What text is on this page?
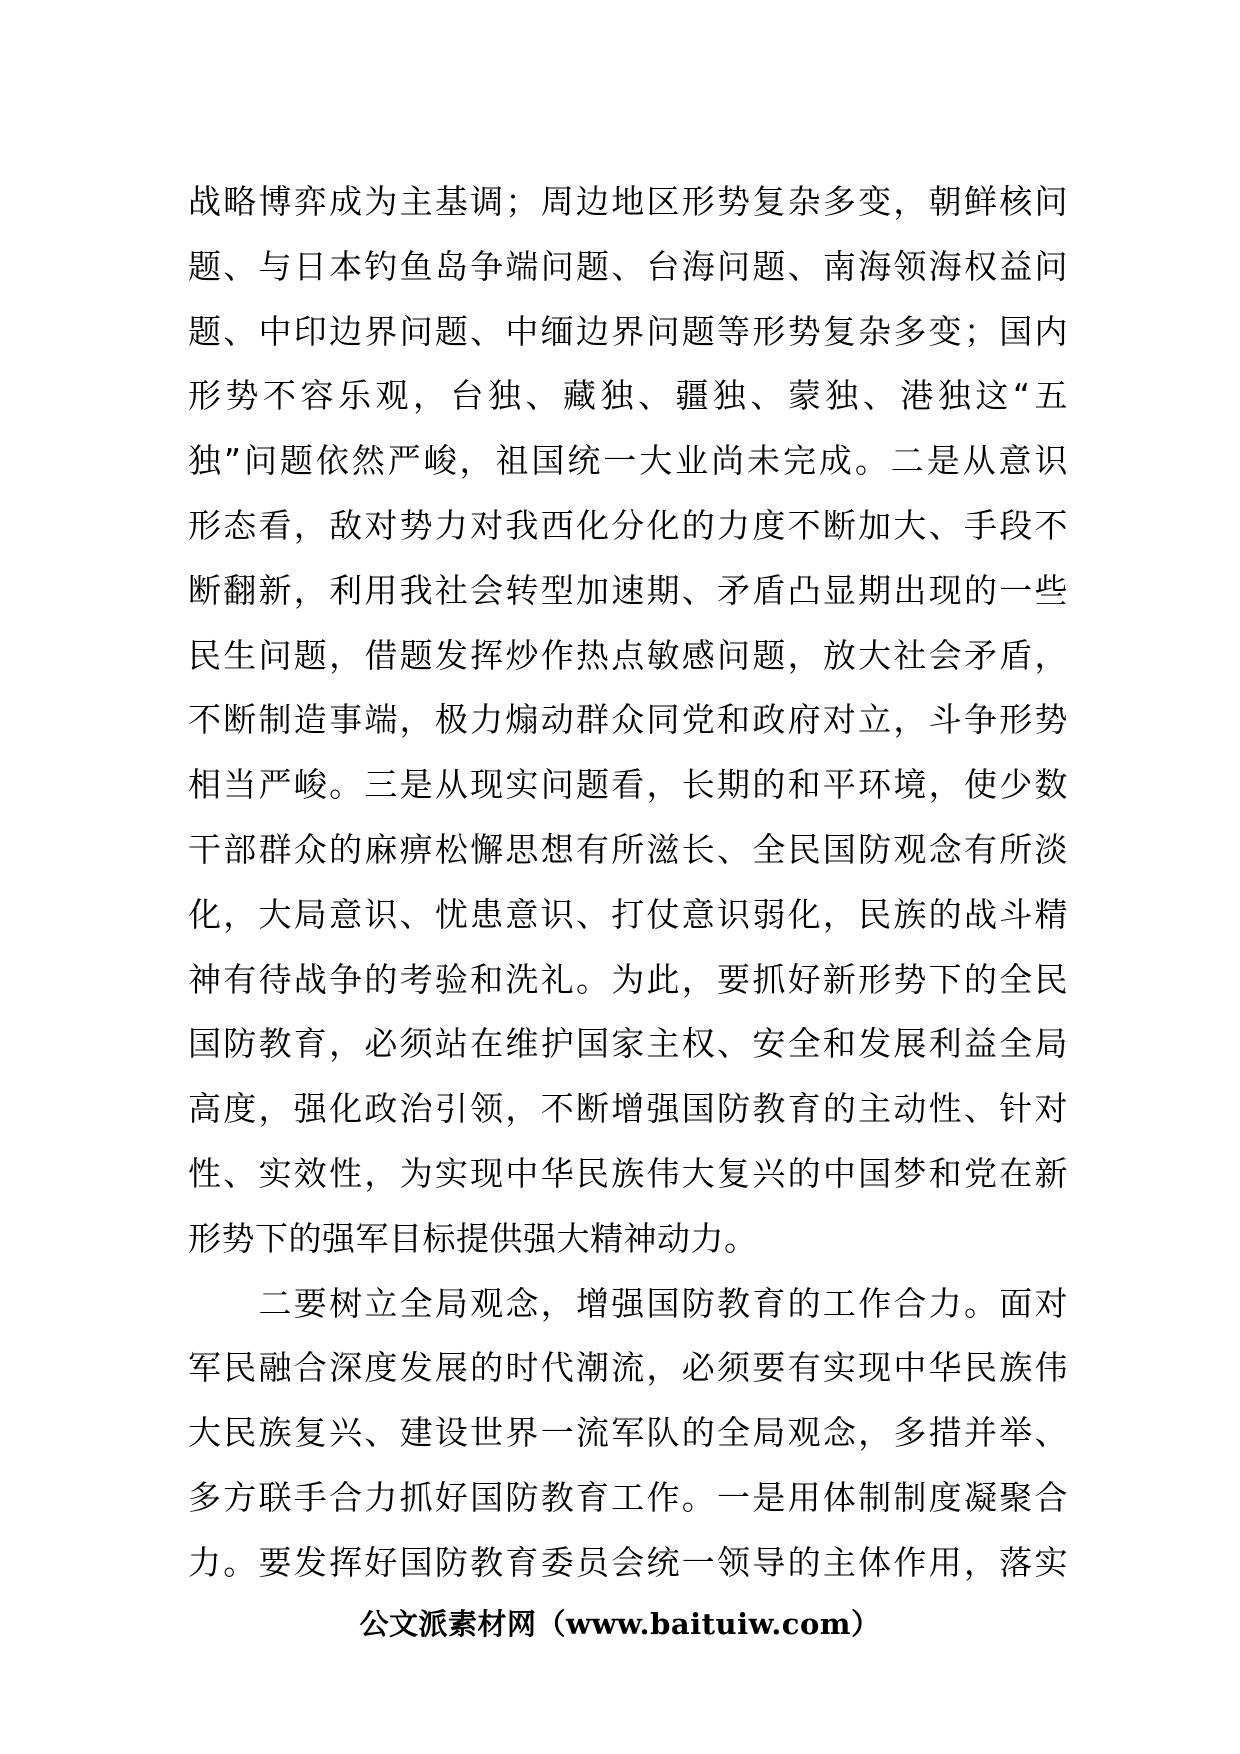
战略博弈成为主基调；周边地区形势复杂多变，朝鲜核问
题、与日本钓鱼岛争端问题、台海问题、南海领海权益问
题、中印边界问题、中缅边界问题等形势复杂多变；国内
形势不容乐观，台独、藏独、疆独、蒙独、港独这“五
独”问题依然严峻，祖国统一大业尚未完成。二是从意识
形态看，敌对势力对我西化分化的力度不断加大、手段不
断翻新，利用我社会转型加速期、矛盾凸显期出现的一些
民生问题，借题发挥炒作热点敏感问题，放大社会矛盾，
不断制造事端，极力煽动群众同党和政府对立，斗争形势
相当严峻。三是从现实问题看，长期的和平环境，使少数
干部群众的麻痹松懈思想有所滋长、全民国防观念有所淡
化，大局意识、忧患意识、打仗意识弱化，民族的战斗精
神有待战争的考验和洗礼。为此，要抓好新形势下的全民
国防教育，必须站在维护国家主权、安全和发展利益全局
高度，强化政治引领，不断增强国防教育的主动性、针对
性、实效性，为实现中华民族伟大复兴的中国梦和党在新
形势下的强军目标提供强大精神动力。
　　二要树立全局观念，增强国防教育的工作合力。面对
军民融合深度发展的时代潮流，必须要有实现中华民族伟
大民族复兴、建设世界一流军队的全局观念，多措并举、
多方联手合力抓好国防教育工作。一是用体制制度凝聚合
力。要发挥好国防教育委员会统一领导的主体作用，落实
公文派素材网（www.baituiw.com）
